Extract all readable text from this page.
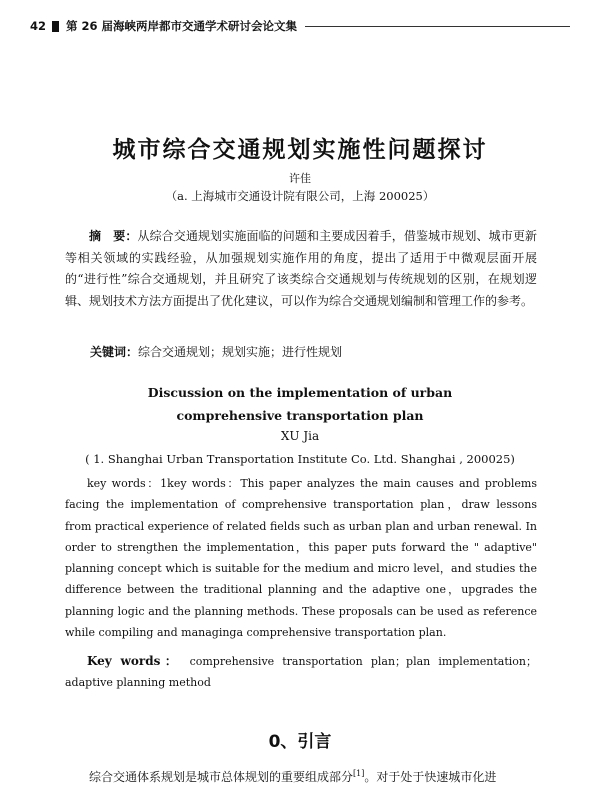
42 第 26 届海峡两岸都市交通学术研讨会论文集
城市综合交通规划实施性问题探讨
许佳
（a. 上海城市交通设计院有限公司，上海 200025）
摘　要：从综合交通规划实施面临的问题和主要成因着手，借鉴城市规划、城市更新等相关领域的实践经验，从加强规划实施作用的角度，提出了适用于中微观层面开展的“进行性”综合交通规划，并且研究了该类综合交通规划与传统规划的区别，在规划逻辑、规划技术方法方面提出了优化建议，可以作为综合交通规划编制和管理工作的参考。
关键词：综合交通规划；规划实施；进行性规划
Discussion on the implementation of urban
comprehensive transportation plan
XU Jia
( 1. Shanghai Urban Transportation Institute Co. Ltd. Shanghai , 200025)
key words：1key words：This paper analyzes the main causes and problems facing the implementation of comprehensive transportation plan，draw lessons from practical experience of related fields such as urban plan and urban renewal. In order to strengthen the implementation，this paper puts forward the " adaptive" planning concept which is suitable for the medium and micro level，and studies the difference between the traditional planning and the adaptive one，upgrades the planning logic and the planning methods. These proposals can be used as reference while compiling and managinga comprehensive transportation plan.
Key words： comprehensive transportation plan；plan implementation；adaptive planning method
0、引言
综合交通体系规划是城市总体规划的重要组成部分[1]。对于处于快速城市化进
